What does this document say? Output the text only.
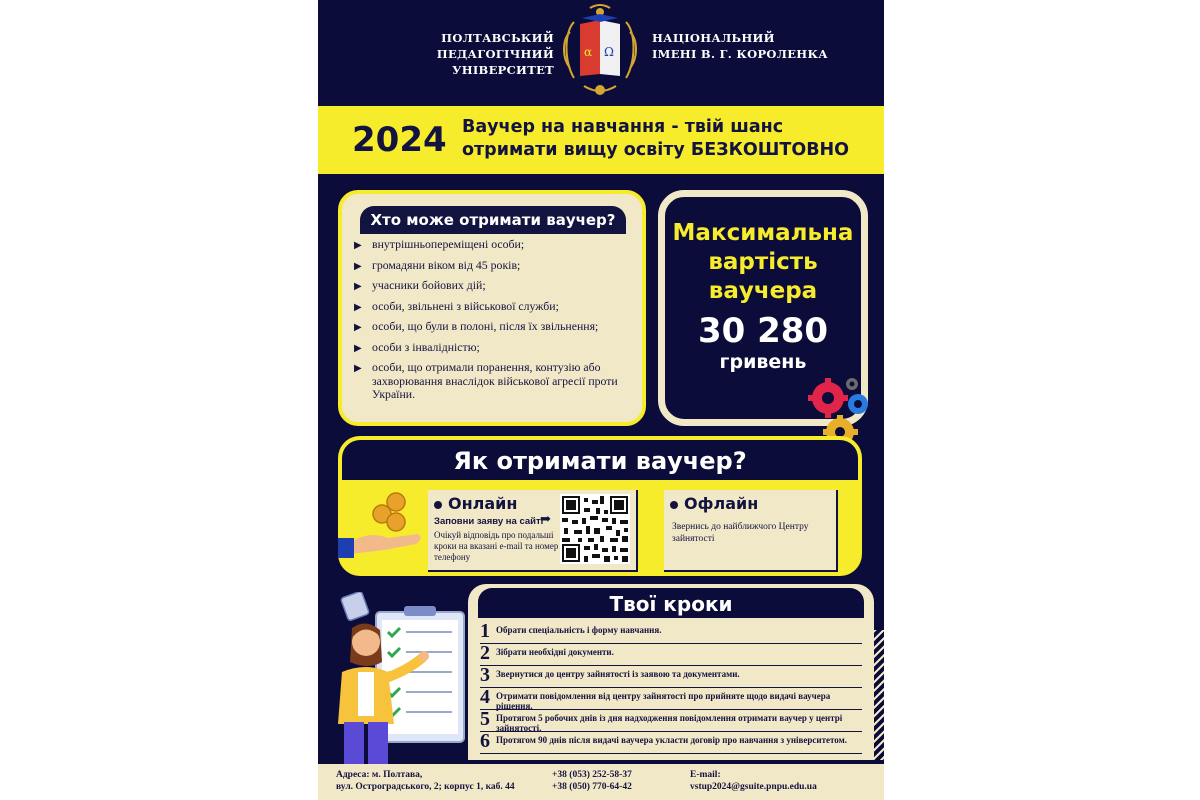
ПОЛТАВСЬКИЙ
ПЕДАГОГІЧНИЙ УНІВЕРСИТЕТ
α Ω
НАЦІОНАЛЬНИЙ
ІМЕНІ В. Г. КОРОЛЕНКА
2024 Ваучер на навчання - твій шанс
отримати вищу освіту БЕЗКОШТОВНО
Хто може отримати ваучер?
▶ внутрішньопереміщені особи;
▶ громадяни віком від 45 років;
▶ учасники бойових дій;
▶ особи, звільнені з військової служби;
▶ особи, що були в полоні, після їх звільнення;
▶ особи з інвалідністю;
▶ особи, що отримали поранення, контузію або захворювання внаслідок військової агресії проти України.
Максимальна
вартість
ваучера
30 280
гривень
Як отримати ваучер?
Онлайн
Заповни заяву на сайті
➡
Очікуй відповідь про подальші кроки на вказані e-mail та номер телефону
Офлайн
Звернись до найближчого Центру зайнятості
Твої кроки
1 Обрати спеціальність і форму навчання.
2 Зібрати необхідні документи.
3 Звернутися до центру зайнятості із заявою та документами.
4 Отримати повідомлення від центру зайнятості про прийняте щодо видачі ваучера рішення.
5 Протягом 5 робочих днів із дня надходження повідомлення отримати ваучер у центрі зайнятості.
6 Протягом 90 днів після видачі ваучера укласти договір про навчання з університетом.
Адреса: м. Полтава,
вул. Остроградського, 2; корпус 1, каб. 44
+38 (053) 252-58-37
+38 (050) 770-64-42
E-mail:
vstup2024@gsuite.pnpu.edu.ua
